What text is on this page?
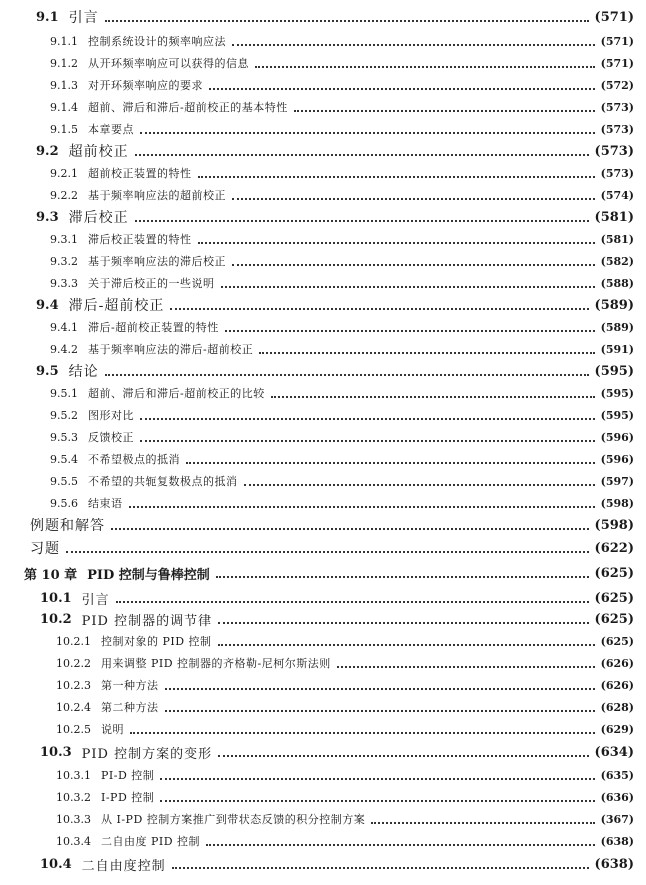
9.1 引言	(571)
9.1.1 控制系统设计的频率响应法	(571)
9.1.2 从开环频率响应可以获得的信息	(571)
9.1.3 对开环频率响应的要求	(572)
9.1.4 超前、滞后和滞后-超前校正的基本特性	(573)
9.1.5 本章要点	(573)
9.2 超前校正	(573)
9.2.1 超前校正装置的特性	(573)
9.2.2 基于频率响应法的超前校正	(574)
9.3 滞后校正	(581)
9.3.1 滞后校正装置的特性	(581)
9.3.2 基于频率响应法的滞后校正	(582)
9.3.3 关于滞后校正的一些说明	(588)
9.4 滞后-超前校正	(589)
9.4.1 滞后-超前校正装置的特性	(589)
9.4.2 基于频率响应法的滞后-超前校正	(591)
9.5 结论	(595)
9.5.1 超前、滞后和滞后-超前校正的比较	(595)
9.5.2 图形对比	(595)
9.5.3 反馈校正	(596)
9.5.4 不希望极点的抵消	(596)
9.5.5 不希望的共轭复数极点的抵消	(597)
9.5.6 结束语	(598)
例题和解答	(598)
习题	(622)
第 10 章 PID 控制与鲁棒控制	(625)
10.1 引言	(625)
10.2 PID 控制器的调节律	(625)
10.2.1 控制对象的 PID 控制	(625)
10.2.2 用来调整 PID 控制器的齐格勒-尼柯尔斯法则	(626)
10.2.3 第一种方法	(626)
10.2.4 第二种方法	(628)
10.2.5 说明	(629)
10.3 PID 控制方案的变形	(634)
10.3.1 PI-D 控制	(635)
10.3.2 I-PD 控制	(636)
10.3.3 从 I-PD 控制方案推广到带状态反馈的积分控制方案	(367)
10.3.4 二自由度 PID 控制	(638)
10.4 二自由度控制	(638)
